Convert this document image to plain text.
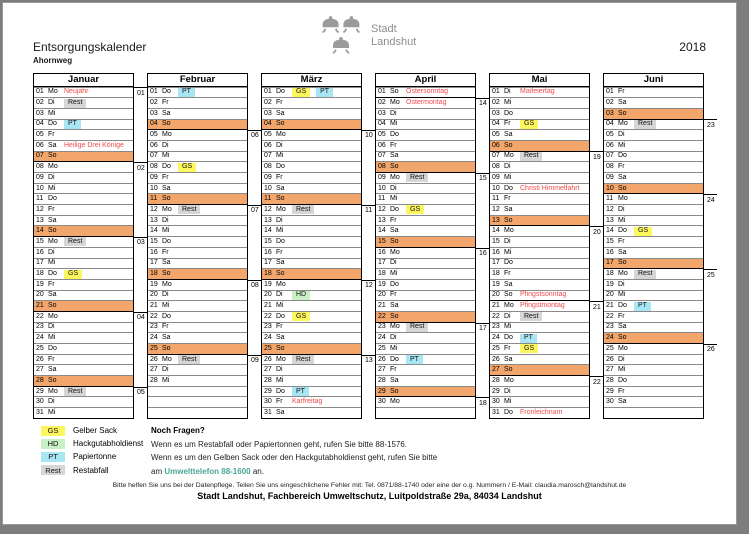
Entsorgungskalender
Ahornweg
2018
Stadt
Landshut
Januar
01 Mo Neujahr
02 Di	Rest
03 Mi
04 Do	PT
05 Fr
06 Sa	Heilige Drei Könige
07 So
08 Mo
09 Di
10 Mi
11 Do
12 Fr
13 Sa
14 So
15 Mo	Rest
16 Di
17 Mi
18 Do	GS
19 Fr
20 Sa
21 So
22 Mo
23 Di
24 Mi
25 Do
26 Fr
27 Sa
28 So
29 Mo	Rest
30 Di
31 Mi
01
02
03
04
05
Februar
01 Do	PT
02 Fr
03 Sa
04 So
05 Mo
06 Di
07 Mi
08 Do	GS
09 Fr
10 Sa
11 So
12 Mo	Rest
13 Di
14 Mi
15 Do
16 Fr
17 Sa
18 So
19 Mo
20 Di
21 Mi
22 Do
23 Fr
24 Sa
25 So
26 Mo	Rest
27 Di
28 Mi
06
07
08
09
März
01 Do	GS	PT
02 Fr
03 Sa
04 So
05 Mo
06 Di
07 Mi
08 Do
09 Fr
10 Sa
11 So
12 Mo	Rest
13 Di
14 Mi
15 Do
16 Fr
17 Sa
18 So
19 Mo
20 Di	HD
21 Mi
22 Do	GS
23 Fr
24 Sa
25 So
26 Mo	Rest
27 Di
28 Mi
29 Do	PT
30 Fr	Karfreitag
31 Sa
10
11
12
13
April
01 So	Ostersonntag
02 Mo Ostermontag
03 Di
04 Mi
05 Do
06 Fr
07 Sa
08 So
09 Mo	Rest
10 Di
11 Mi
12 Do	GS
13 Fr
14 Sa
15 So
16 Mo
17 Di
18 Mi
19 Do
20 Fr
21 Sa
22 So
23 Mo	Rest
24 Di
25 Mi
26 Do	PT
27 Fr
28 Sa
29 So
30 Mo
14
15
16
17
18
Mai
01 Di	Maifeiertag
02 Mi
03 Do
04 Fr	GS
05 Sa
06 So
07 Mo	Rest
08 Di
09 Mi
10 Do	Christi Himmelfahrt
11 Fr
12 Sa
13 So
14 Mo
15 Di
16 Mi
17 Do
18 Fr
19 Sa
20 So	Pfingstsonntag
21 Mo Pfingstmontag
22 Di	Rest
23 Mi
24 Do	PT
25 Fr	GS
26 Sa
27 So
28 Mo
29 Di
30 Mi
31 Do	Fronleichnam
19
20
21
22
Juni
01 Fr
02 Sa
03 So
04 Mo	Rest
05 Di
06 Mi
07 Do
08 Fr
09 Sa
10 So
11 Mo
12 Di
13 Mi
14 Do	GS
15 Fr
16 Sa
17 So
18 Mo	Rest
19 Di
20 Mi
21 Do	PT
22 Fr
23 Sa
24 So
25 Mo
26 Di
27 Mi
28 Do
29 Fr
30 Sa
23
24
25
26
GS	Gelber Sack
HD	Hackgutabholdienst
PT	Papiertonne
Rest	Restabfall
Noch Fragen?
Wenn es um Restabfall oder Papiertonnen geht, rufen Sie bitte 88-1576.
Wenn es um den Gelben Sack oder den Hackgutabholdienst geht, rufen Sie bitte
am Umwelttelefon 88-1600 an.
Bitte helfen Sie uns bei der Datenpflege. Teilen Sie uns eingeschlichene Fehler mit: Tel. 0871/88-1740 oder eine der o.g. Nummern / E-Mail: claudia.marosch@landshut.de
Stadt Landshut, Fachbereich Umweltschutz, Luitpoldstraße 29a, 84034 Landshut
